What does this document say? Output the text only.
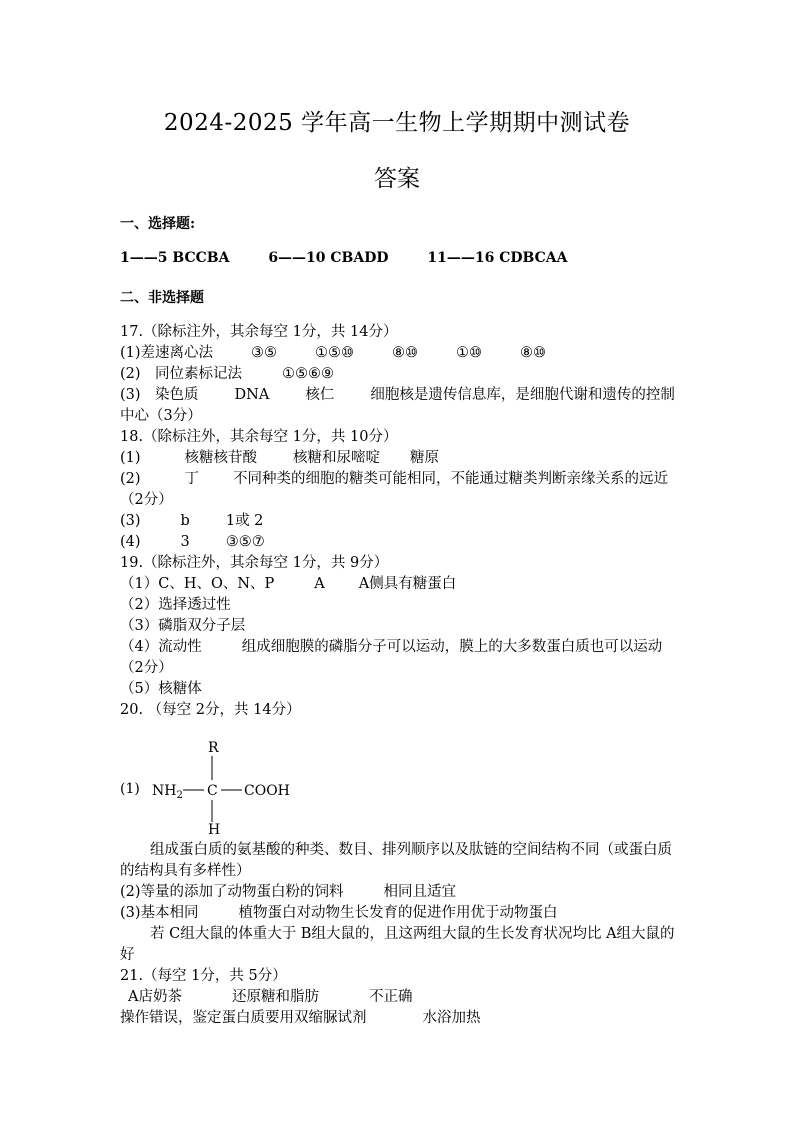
2024-2025 学年高一生物上学期期中测试卷
答案
一、选择题:
1——5 BCCBA	6——10 CBADD	11——16 CDBCAA
二、非选择题
17.（除标注外，其余每空 1分，共 14分）
(1)差速离心法	③⑤	①⑤⑩	⑧⑩	①⑩	⑧⑩
(2)　同位素标记法	①⑤⑥⑨
(3)　染色质 DNA 核仁 细胞核是遗传信息库，是细胞代谢和遗传的控制中心（3分）
18.（除标注外，其余每空 1分，共 10分）
(1)	核糖核苷酸 核糖和尿嘧啶 糖原
(2)	丁 不同种类的细胞的糖类可能相同，不能通过糖类判断亲缘关系的远近（2分）
(3)	b 1或 2
(4)	3 ③⑤⑦
19.（除标注外，其余每空 1分，共 9分）
（1）C、H、O、N、P	A A侧具有糖蛋白
（2）选择透过性
（3）磷脂双分子层
（4）流动性	组成细胞膜的磷脂分子可以运动，膜上的大多数蛋白质也可以运动（2分）
（5）核糖体
20. （每空 2分，共 14分）
(1)
R
$NH_2$ C COOH
H
组成蛋白质的氨基酸的种类、数目、排列顺序以及肽链的空间结构不同（或蛋白质的结构具有多样性）
(2)等量的添加了动物蛋白粉的饲料	相同且适宜
(3)基本相同	植物蛋白对动物生长发育的促进作用优于动物蛋白
若 C组大鼠的体重大于 B组大鼠的，且这两组大鼠的生长发育状况均比 A组大鼠的好
21.（每空 1分，共 5分）
A店奶茶	还原糖和脂肪	不正确
操作错误，鉴定蛋白质要用双缩脲试剂	水浴加热
